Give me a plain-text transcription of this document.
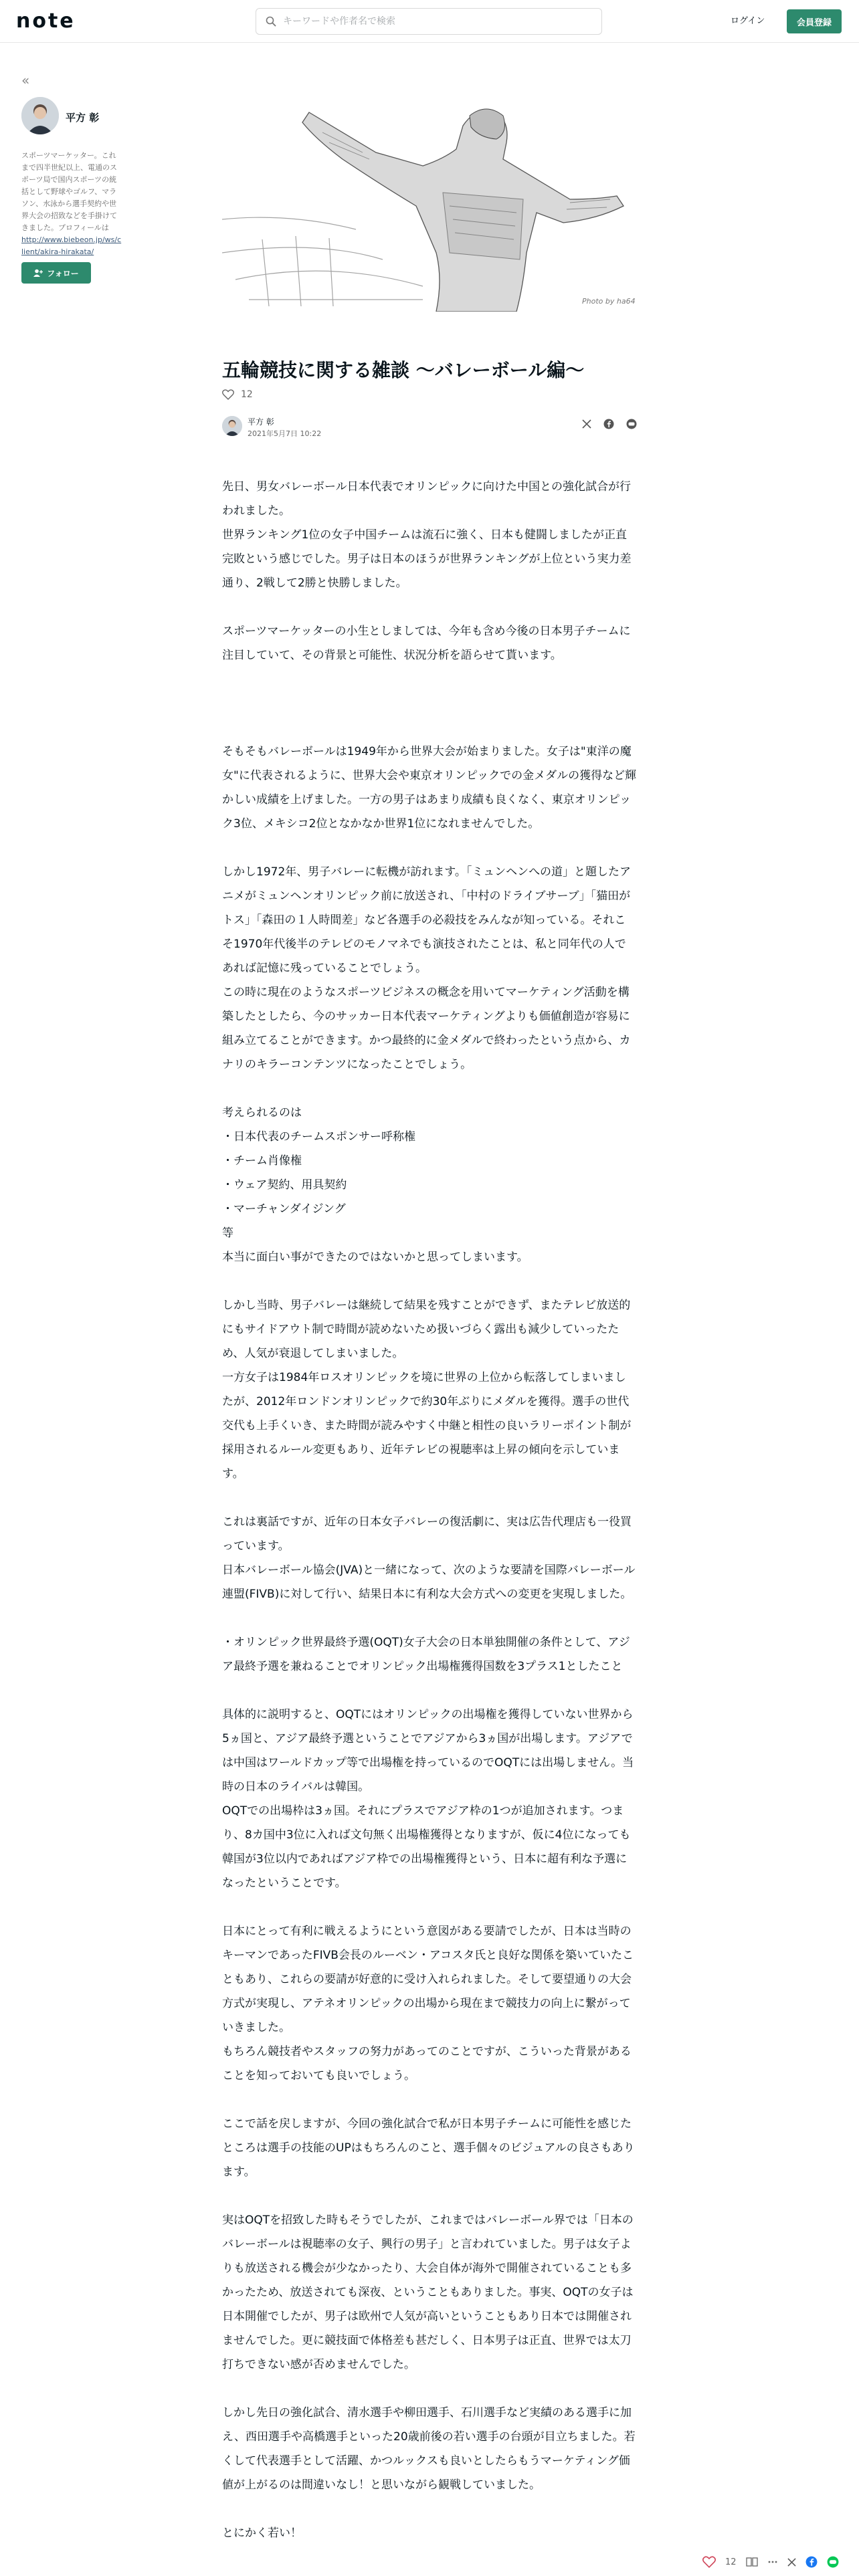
note
キーワードや作者名で検索	ログイン	会員登録
«
平方 彰
スポーツマーケッター。これまで四半世紀以上、電通のスポーツ局で国内スポーツの統括として野球やゴルフ、マラソン、水泳から選手契約や世界大会の招致などを手掛けてきました。プロフィールは
http://www.biebeon.jp/ws/client/akira-hirakata/
フォロー
Photo by ha64
五輪競技に関する雑談 〜バレーボール編〜
12
平方 彰
2021年5月7日 10:22

先日、男女バレーボール日本代表でオリンピックに向けた中国との強化試合が行われました。
世界ランキング1位の女子中国チームは流石に強く、日本も健闘しましたが正直完敗という感じでした。男子は日本のほうが世界ランキングが上位という実力差通り、2戦して2勝と快勝しました。

スポーツマーケッターの小生としましては、今年も含め今後の日本男子チームに注目していて、その背景と可能性、状況分析を語らせて貰います。

そもそもバレーボールは1949年から世界大会が始まりました。女子は"東洋の魔女"に代表されるように、世界大会や東京オリンピックでの金メダルの獲得など輝かしい成績を上げました。一方の男子はあまり成績も良くなく、東京オリンピック3位、メキシコ2位となかなか世界1位になれませんでした。

しかし1972年、男子バレーに転機が訪れます。「ミュンヘンへの道」と題したアニメがミュンヘンオリンピック前に放送され、「中村のドライブサーブ」「猫田がトス」「森田の１人時間差」など各選手の必殺技をみんなが知っている。それこそ1970年代後半のテレビのモノマネでも演技されたことは、私と同年代の人であれば記憶に残っていることでしょう。
この時に現在のようなスポーツビジネスの概念を用いてマーケティング活動を構築したとしたら、今のサッカー日本代表マーケティングよりも価値創造が容易に組み立てることができます。かつ最終的に金メダルで終わったという点から、カナリのキラーコンテンツになったことでしょう。

考えられるのは
・日本代表のチームスポンサー呼称権
・チーム肖像権
・ウェア契約、用具契約
・マーチャンダイジング
等
本当に面白い事ができたのではないかと思ってしまいます。

しかし当時、男子バレーは継続して結果を残すことができず、またテレビ放送的にもサイドアウト制で時間が読めないため扱いづらく露出も減少していったため、人気が衰退してしまいました。
一方女子は1984年ロスオリンピックを境に世界の上位から転落してしまいましたが、2012年ロンドンオリンピックで約30年ぶりにメダルを獲得。選手の世代交代も上手くいき、また時間が読みやすく中継と相性の良いラリーポイント制が採用されるルール変更もあり、近年テレビの視聴率は上昇の傾向を示しています。

これは裏話ですが、近年の日本女子バレーの復活劇に、実は広告代理店も一役買っています。
日本バレーボール協会(JVA)と一緒になって、次のような要請を国際バレーボール連盟(FIVB)に対して行い、結果日本に有利な大会方式への変更を実現しました。

・オリンピック世界最終予選(OQT)女子大会の日本単独開催の条件として、アジア最終予選を兼ねることでオリンピック出場権獲得国数を3プラス1としたこと

具体的に説明すると、OQTにはオリンピックの出場権を獲得していない世界から5ヵ国と、アジア最終予選ということでアジアから3ヵ国が出場します。アジアでは中国はワールドカップ等で出場権を持っているのでOQTには出場しません。当時の日本のライバルは韓国。
OQTでの出場枠は3ヵ国。それにプラスでアジア枠の1つが追加されます。つまり、8カ国中3位に入れば文句無く出場権獲得となりますが、仮に4位になっても韓国が3位以内であればアジア枠での出場権獲得という、日本に超有利な予選になったということです。

日本にとって有利に戦えるようにという意図がある要請でしたが、日本は当時のキーマンであったFIVB会長のルーベン・アコスタ氏と良好な関係を築いていたこともあり、これらの要請が好意的に受け入れられました。そして要望通りの大会方式が実現し、アテネオリンピックの出場から現在まで競技力の向上に繋がっていきました。
もちろん競技者やスタッフの努力があってのことですが、こういった背景があることを知っておいても良いでしょう。

ここで話を戻しますが、今回の強化試合で私が日本男子チームに可能性を感じたところは選手の技能のUPはもちろんのこと、選手個々のビジュアルの良さもあります。

実はOQTを招致した時もそうでしたが、これまではバレーボール界では「日本のバレーボールは視聴率の女子、興行の男子」と言われていました。男子は女子よりも放送される機会が少なかったり、大会自体が海外で開催されていることも多かったため、放送されても深夜、ということもありました。事実、OQTの女子は日本開催でしたが、男子は欧州で人気が高いということもあり日本では開催されませんでした。更に競技面で体格差も甚だしく、日本男子は正直、世界では太刀打ちできない感が否めませんでした。

しかし先日の強化試合、清水選手や柳田選手、石川選手など実績のある選手に加え、西田選手や高橋選手といった20歳前後の若い選手の台頭が目立ちました。若くして代表選手として活躍、かつルックスも良いとしたらもうマーケティング価値が上がるのは間違いなし！と思いながら観戦していました。

とにかく若い！

12
